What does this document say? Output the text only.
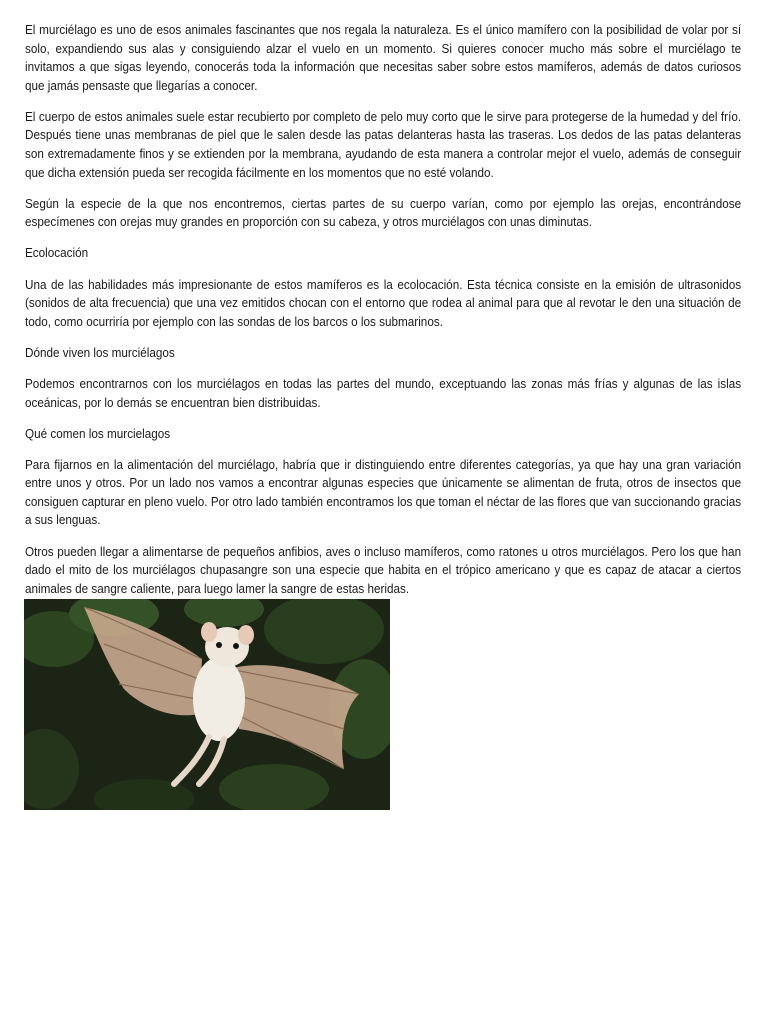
El murciélago es uno de esos animales fascinantes que nos regala la naturaleza. Es el único mamífero con la posibilidad de volar por sí solo, expandiendo sus alas y consiguiendo alzar el vuelo en un momento. Si quieres conocer mucho más sobre el murciélago te invitamos a que sigas leyendo, conocerás toda la información que necesitas saber sobre estos mamíferos, además de datos curiosos que jamás pensaste que llegarías a conocer.

El cuerpo de estos animales suele estar recubierto por completo de pelo muy corto que le sirve para protegerse de la humedad y del frío. Después tiene unas membranas de piel que le salen desde las patas delanteras hasta las traseras. Los dedos de las patas delanteras son extremadamente finos y se extienden por la membrana, ayudando de esta manera a controlar mejor el vuelo, además de conseguir que dicha extensión pueda ser recogida fácilmente en los momentos que no esté volando.

Según la especie de la que nos encontremos, ciertas partes de su cuerpo varían, como por ejemplo las orejas, encontrándose especímenes con orejas muy grandes en proporción con su cabeza, y otros murciélagos con unas diminutas.

Ecolocación

Una de las habilidades más impresionante de estos mamíferos es la ecolocación. Esta técnica consiste en la emisión de ultrasonidos (sonidos de alta frecuencia) que una vez emitidos chocan con el entorno que rodea al animal para que al revotar le den una situación de todo, como ocurriría por ejemplo con las sondas de los barcos o los submarinos.

Dónde viven los murciélagos

Podemos encontrarnos con los murciélagos en todas las partes del mundo, exceptuando las zonas más frías y algunas de las islas oceánicas, por lo demás se encuentran bien distribuidas.

Qué comen los murcielagos

Para fijarnos en la alimentación del murciélago, habría que ir distinguiendo entre diferentes categorías, ya que hay una gran variación entre unos y otros. Por un lado nos vamos a encontrar algunas especies que únicamente se alimentan de fruta, otros de insectos que consiguen capturar en pleno vuelo. Por otro lado también encontramos los que toman el néctar de las flores que van succionando gracias a sus lenguas.

Otros pueden llegar a alimentarse de pequeños anfibios, aves o incluso mamíferos, como ratones u otros murciélagos. Pero los que han dado el mito de los murciélagos chupasangre son una especie que habita en el trópico americano y que es capaz de atacar a ciertos animales de sangre caliente, para luego lamer la sangre de estas heridas.
